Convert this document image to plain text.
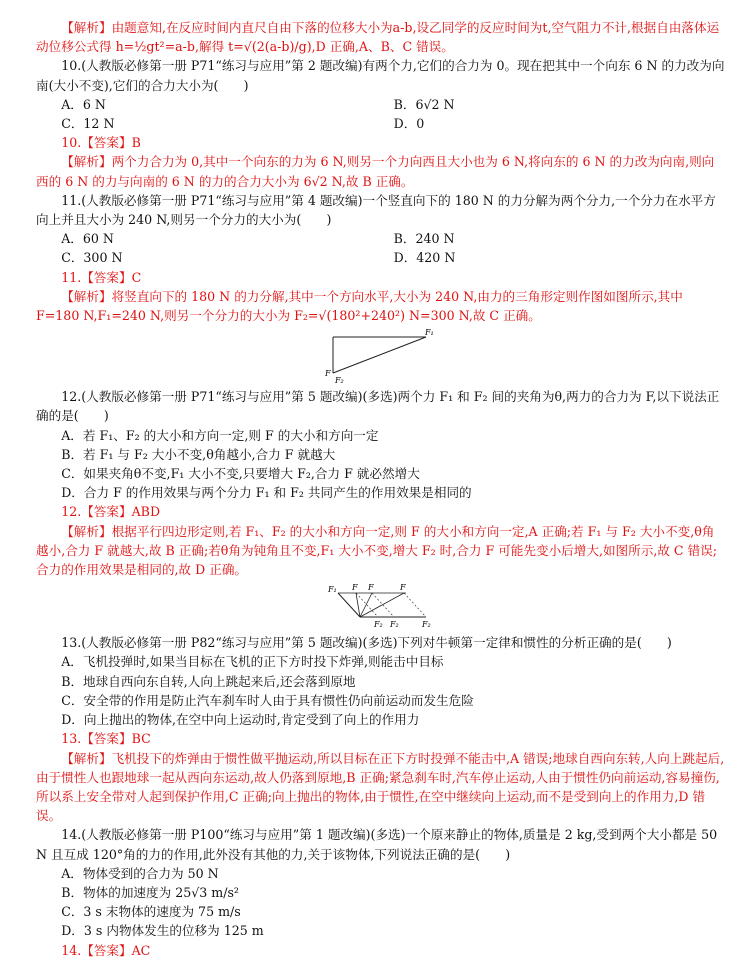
【解析】由题意知,在反应时间内直尺自由下落的位移大小为a-b,设乙同学的反应时间为t,空气阻力不计,根据自由落体运动位移公式得 h=½gt²=a-b,解得 t=√(2(a-b)/g),D 正确,A、B、C 错误。

10.(人教版必修第一册 P71“练习与应用”第 2 题改编)有两个力,它们的合力为 0。现在把其中一个向东 6 N 的力改为向南(大小不变),它们的合力大小为(　　)

A．6 N	B．6√2 N
C．12 N	D．0

10.【答案】B

【解析】两个力合力为 0,其中一个向东的力为 6 N,则另一个力向西且大小也为 6 N,将向东的 6 N 的力改为向南,则向西的 6 N 的力与向南的 6 N 的力的合力大小为 6√2 N,故 B 正确。

11.(人教版必修第一册 P71“练习与应用”第 4 题改编)一个竖直向下的 180 N 的力分解为两个分力,一个分力在水平方向上并且大小为 240 N,则另一个分力的大小为(　　)

A．60 N	B．240 N
C．300 N	D．420 N

11.【答案】C

【解析】将竖直向下的 180 N 的力分解,其中一个方向水平,大小为 240 N,由力的三角形定则作图如图所示,其中 F=180 N,F₁=240 N,则另一个分力的大小为 F₂=√(180²+240²) N=300 N,故 C 正确。

F₁
F
F₂

12.(人教版必修第一册 P71“练习与应用”第 5 题改编)(多选)两个力 F₁ 和 F₂ 间的夹角为θ,两力的合力为 F,以下说法正确的是(　　)

A．若 F₁、F₂ 的大小和方向一定,则 F 的大小和方向一定

B．若 F₁ 与 F₂ 大小不变,θ角越小,合力 F 就越大

C．如果夹角θ不变,F₁ 大小不变,只要增大 F₂,合力 F 就必然增大

D．合力 F 的作用效果与两个分力 F₁ 和 F₂ 共同产生的作用效果是相同的

12.【答案】ABD

【解析】根据平行四边形定则,若 F₁、F₂ 的大小和方向一定,则 F 的大小和方向一定,A 正确;若 F₁ 与 F₂ 大小不变,θ角越小,合力 F 就越大,故 B 正确;若θ角为钝角且不变,F₁ 大小不变,增大 F₂ 时,合力 F 可能先变小后增大,如图所示,故 C 错误;合力的作用效果是相同的,故 D 正确。

F₁ F F	F
F₂ F₂	F₂

13.(人教版必修第一册 P82“练习与应用”第 5 题改编)(多选)下列对牛顿第一定律和惯性的分析正确的是(　　)

A．飞机投弹时,如果当目标在飞机的正下方时投下炸弹,则能击中目标

B．地球自西向东自转,人向上跳起来后,还会落到原地

C．安全带的作用是防止汽车刹车时人由于具有惯性仍向前运动而发生危险

D．向上抛出的物体,在空中向上运动时,肯定受到了向上的作用力

13.【答案】BC

【解析】飞机投下的炸弹由于惯性做平抛运动,所以目标在正下方时投弹不能击中,A 错误;地球自西向东转,人向上跳起后,由于惯性人也跟地球一起从西向东运动,故人仍落到原地,B 正确;紧急刹车时,汽车停止运动,人由于惯性仍向前运动,容易撞伤,所以系上安全带对人起到保护作用,C 正确;向上抛出的物体,由于惯性,在空中继续向上运动,而不是受到向上的作用力,D 错误。

14.(人教版必修第一册 P100“练习与应用”第 1 题改编)(多选)一个原来静止的物体,质量是 2 kg,受到两个大小都是 50 N 且互成 120°角的力的作用,此外没有其他的力,关于该物体,下列说法正确的是(　　)

A．物体受到的合力为 50 N

B．物体的加速度为 25√3 m/s²

C．3 s 末物体的速度为 75 m/s

D．3 s 内物体发生的位移为 125 m

14.【答案】AC
